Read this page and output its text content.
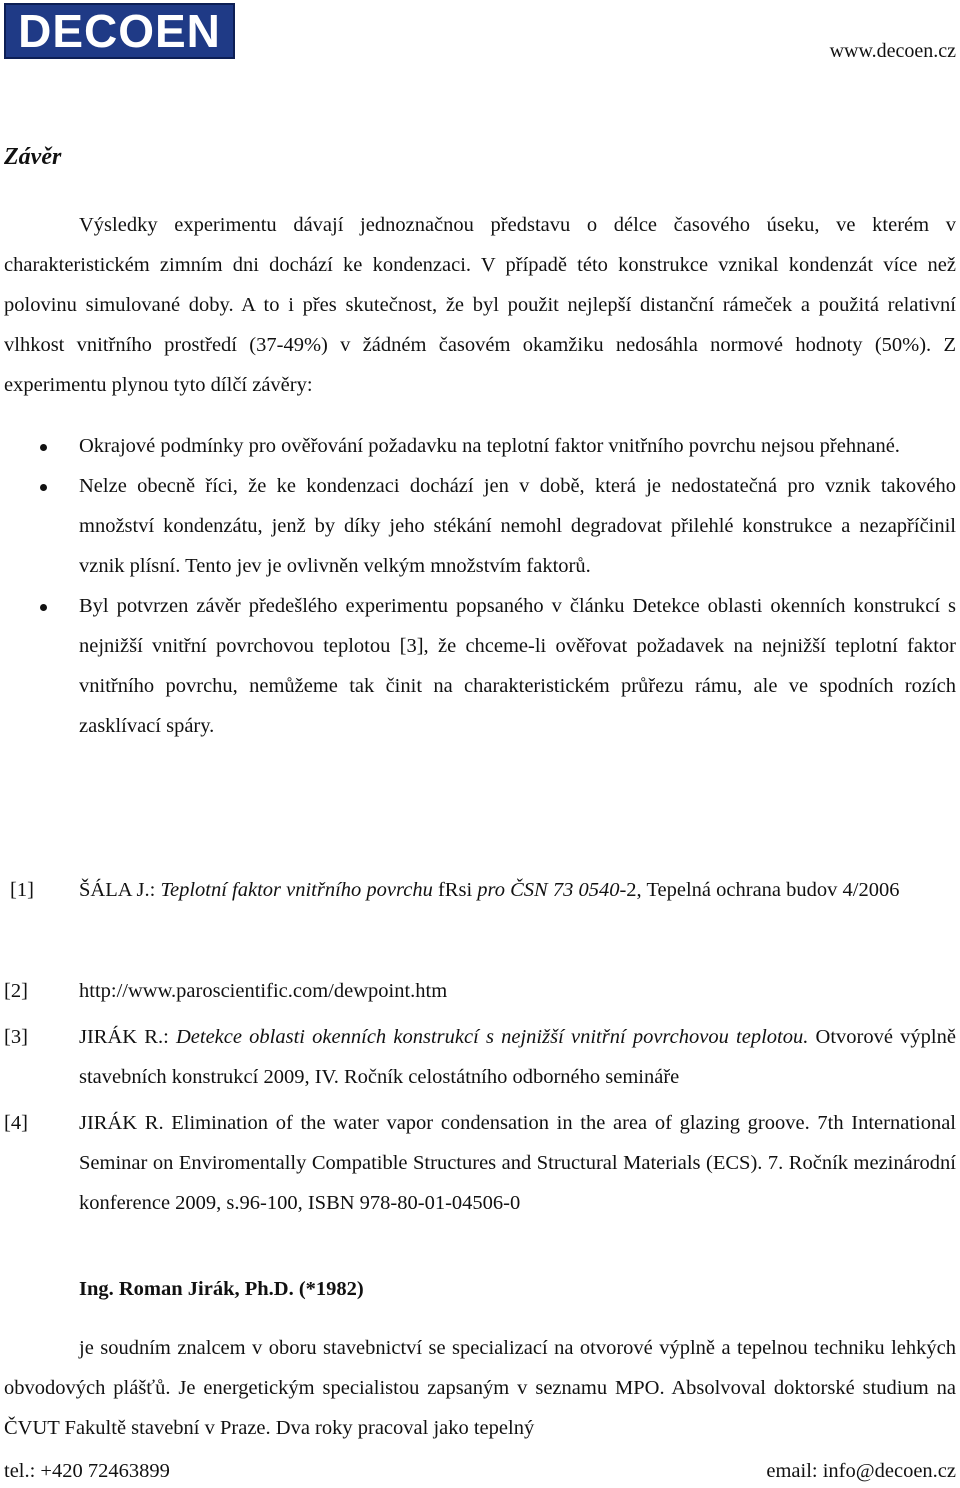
DECOEN	www.decoen.cz
Závěr

Výsledky experimentu dávají jednoznačnou představu o délce časového úseku, ve kterém v charakteristickém zimním dni dochází ke kondenzaci. V případě této konstrukce vznikal kondenzát více než polovinu simulované doby. A to i přes skutečnost, že byl použit nejlepší distanční rámeček a použitá relativní vlhkost vnitřního prostředí (37-49%) v žádném časovém okamžiku nedosáhla normové hodnoty (50%). Z experimentu plynou tyto dílčí závěry:

Okrajové podmínky pro ověřování požadavku na teplotní faktor vnitřního povrchu nejsou přehnané.
Nelze obecně říci, že ke kondenzaci dochází jen v době, která je nedostatečná pro vznik takového množství kondenzátu, jenž by díky jeho stékání nemohl degradovat přilehlé konstrukce a nezapříčinil vznik plísní. Tento jev je ovlivněn velkým množstvím faktorů.
Byl potvrzen závěr předešlého experimentu popsaného v článku Detekce oblasti okenních konstrukcí s nejnižší vnitřní povrchovou teplotou [3], že chceme-li ověřovat požadavek na nejnižší teplotní faktor vnitřního povrchu, nemůžeme tak činit na charakteristickém průřezu rámu, ale ve spodních rozích zasklívací spáry.
[1] ŠÁLA J.: Teplotní faktor vnitřního povrchu fRsi pro ČSN 73 0540-2, Tepelná ochrana budov 4/2006
[2] http://www.paroscientific.com/dewpoint.htm
[3] JIRÁK R.: Detekce oblasti okenních konstrukcí s nejnižší vnitřní povrchovou teplotou. Otvorové výplně stavebních konstrukcí 2009, IV. Ročník celostátního odborného semináře
[4] JIRÁK R. Elimination of the water vapor condensation in the area of glazing groove. 7th International Seminar on Enviromentally Compatible Structures and Structural Materials (ECS). 7. Ročník mezinárodní konference 2009, s.96-100, ISBN 978-80-01-04506-0
Ing. Roman Jirák, Ph.D. (*1982)

je soudním znalcem v oboru stavebnictví se specializací na otvorové výplně a tepelnou techniku lehkých obvodových plášťů. Je energetickým specialistou zapsaným v seznamu MPO. Absolvoval doktorské studium na ČVUT Fakultě stavební v Praze. Dva roky pracoval jako tepelný

tel.: +420 72463899	email: info@decoen.cz
